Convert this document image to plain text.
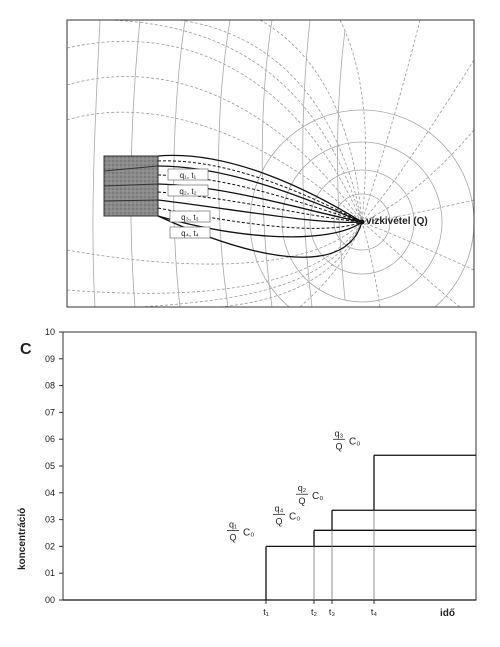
q₁, t₁
q₂, t₂
q₃, t₃
q₄, t₄
vízkivétel (Q)
C
koncentráció
idő
00
01
02
03
04
05
06
07
08
09
10
t₁	t₂ t₃	t₄
q₁
Q C₀
q₄
Q C₀
q₂
Q C₀
q₃
Q C₀
